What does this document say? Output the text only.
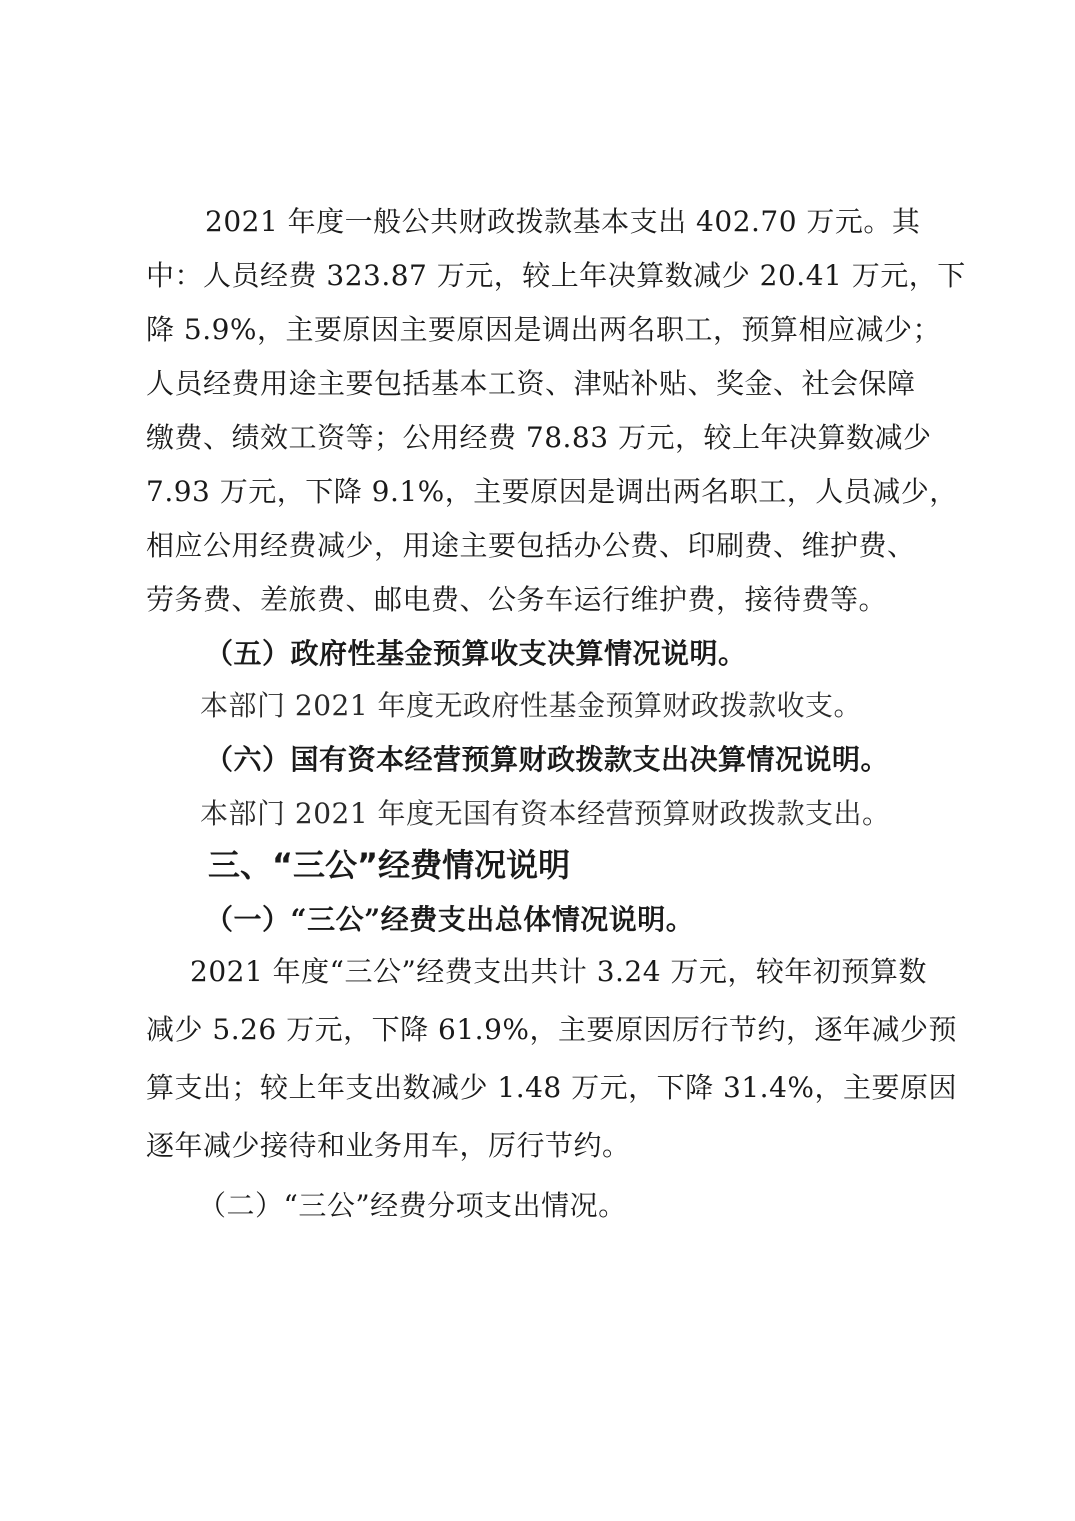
2021 年度一般公共财政拨款基本支出 402.70 万元。其
中：人员经费 323.87 万元，较上年决算数减少 20.41 万元，下
降 5.9%，主要原因主要原因是调出两名职工，预算相应减少；
人员经费用途主要包括基本工资、津贴补贴、奖金、社会保障
缴费、绩效工资等；公用经费 78.83 万元，较上年决算数减少
7.93 万元，下降 9.1%，主要原因是调出两名职工，人员减少，
相应公用经费减少，用途主要包括办公费、印刷费、维护费、
劳务费、差旅费、邮电费、公务车运行维护费，接待费等。
（五）政府性基金预算收支决算情况说明。
本部门 2021 年度无政府性基金预算财政拨款收支。
（六）国有资本经营预算财政拨款支出决算情况说明。
本部门 2021 年度无国有资本经营预算财政拨款支出。
三、“三公”经费情况说明
（一）“三公”经费支出总体情况说明。
2021 年度“三公”经费支出共计 3.24 万元，较年初预算数
减少 5.26 万元，下降 61.9%，主要原因厉行节约，逐年减少预
算支出；较上年支出数减少 1.48 万元，下降 31.4%，主要原因
逐年减少接待和业务用车，厉行节约。
（二）“三公”经费分项支出情况。
